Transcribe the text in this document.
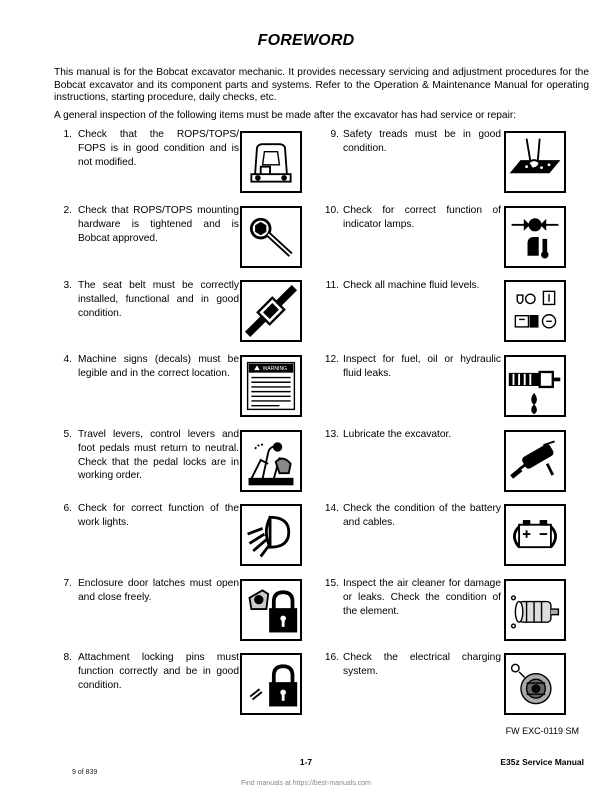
FOREWORD
This manual is for the Bobcat excavator mechanic. It provides necessary servicing and adjustment procedures for the Bobcat excavator and its component parts and systems. Refer to the Operation & Maintenance Manual for operating instructions, starting procedure, daily checks, etc.
A general inspection of the following items must be made after the excavator has had service or repair:
1. Check that the ROPS/TOPS/ FOPS is in good condition and is not modified.
2. Check that ROPS/TOPS mounting hardware is tightened and is Bobcat approved.
3. The seat belt must be correctly installed, functional and in good condition.
4. Machine signs (decals) must be legible and in the correct location.
5. Travel levers, control levers and foot pedals must return to neutral. Check that the pedal locks are in working order.
6. Check for correct function of the work lights.
7. Enclosure door latches must open and close freely.
8. Attachment locking pins must function correctly and be in good condition.
9. Safety treads must be in good condition.
10. Check for correct function of indicator lamps.
11. Check all machine fluid levels.
12. Inspect for fuel, oil or hydraulic fluid leaks.
13. Lubricate the excavator.
14. Check the condition of the battery and cables.
15. Inspect the air cleaner for damage or leaks. Check the condition of the element.
16. Check the electrical charging system.
WARNING
FW EXC-0119 SM
1-7	E35z Service Manual
9 of 839
Find manuals at https://best-manuals.com
